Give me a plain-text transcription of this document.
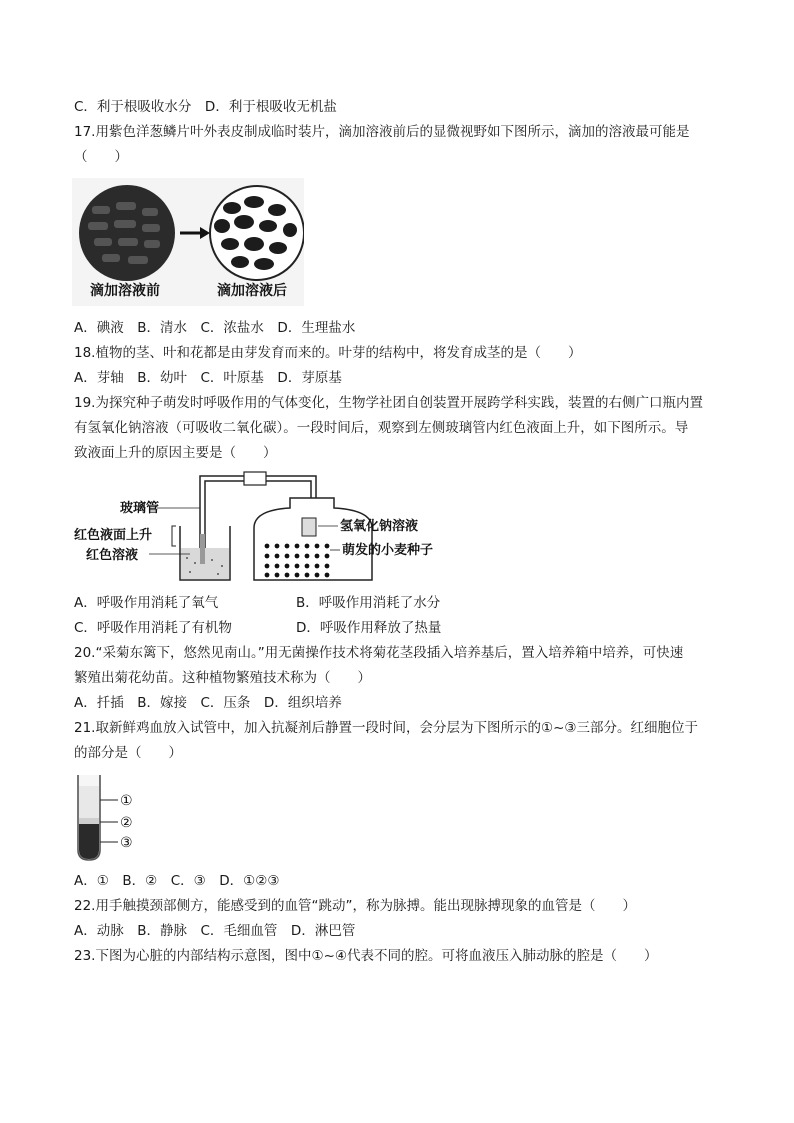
C．利于根吸收水分　D．利于根吸收无机盐
17.用紫色洋葱鳞片叶外表皮制成临时装片，滴加溶液前后的显微视野如下图所示，滴加的溶液最可能是
（　　）
滴加溶液前	滴加溶液后
A．碘液　B．清水　C．浓盐水　D．生理盐水
18.植物的茎、叶和花都是由芽发育而来的。叶芽的结构中，将发育成茎的是（　　）
A．芽轴　B．幼叶　C．叶原基　D．芽原基
19.为探究种子萌发时呼吸作用的气体变化，生物学社团自创装置开展跨学科实践，装置的右侧广口瓶内置
有氢氧化钠溶液（可吸收二氧化碳）。一段时间后，观察到左侧玻璃管内红色液面上升，如下图所示。导
致液面上升的原因主要是（　　）
玻璃管
红色液面上升
红色溶液
氢氧化钠溶液
萌发的小麦种子
A．呼吸作用消耗了氧气	B．呼吸作用消耗了水分
C．呼吸作用消耗了有机物	D．呼吸作用释放了热量
20.“采菊东篱下，悠然见南山。”用无菌操作技术将菊花茎段插入培养基后，置入培养箱中培养，可快速
繁殖出菊花幼苗。这种植物繁殖技术称为（　　）
A．扦插　B．嫁接　C．压条　D．组织培养
21.取新鲜鸡血放入试管中，加入抗凝剂后静置一段时间，会分层为下图所示的①~③三部分。红细胞位于
的部分是（　　）
①
②
③
A．①　B．②　C．③　D．①②③
22.用手触摸颈部侧方，能感受到的血管“跳动”，称为脉搏。能出现脉搏现象的血管是（　　）
A．动脉　B．静脉　C．毛细血管　D．淋巴管
23.下图为心脏的内部结构示意图，图中①~④代表不同的腔。可将血液压入肺动脉的腔是（　　）
